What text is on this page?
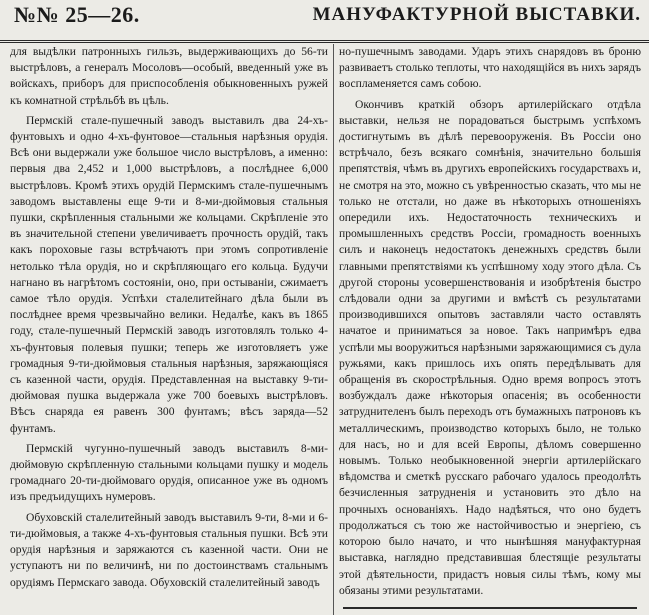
№№ 25—26.	МАНУФАКТУРНОЙ ВЫСТАВКИ.

для выдѣлки патронныхъ гильзъ, выдерживающихъ до 56-ти выстрѣловъ, а генералъ Мосоловъ—особый, введенный уже въ войскахъ, приборъ для приспособленія обыкновенныхъ ружей къ комнатной стрѣльбѣ въ цѣль.

Пермскій стале-пушечный заводъ выставилъ два 24-хъ-фунтовыхъ и одно 4-хъ-фунтовое—стальныя нарѣзныя орудія. Всѣ они выдержали уже большое число выстрѣловъ, а именно: первыя два 2,452 и 1,000 выстрѣловъ, а послѣднее 6,000 выстрѣловъ. Кромѣ этихъ орудій Пермскимъ стале-пушечнымъ заводомъ выставлены еще 9-ти и 8-ми-дюймовыя стальныя пушки, скрѣпленныя стальными же кольцами. Скрѣпленіе это въ значительной степени увеличиваетъ прочность орудій, такъ какъ пороховые газы встрѣчаютъ при этомъ сопротивленіе нетолько тѣла орудія, но и скрѣпляющаго его кольца. Будучи нагнано въ нагрѣтомъ состояніи, оно, при остываніи, сжимаетъ самое тѣло орудія. Успѣхи сталелитейнаго дѣла были въ послѣднее время чрезвычайно велики. Недалѣе, какъ въ 1865 году, стале-пушечный Пермскій заводъ изготовлялъ только 4-хъ-фунтовыя полевыя пушки; теперь же изготовляетъ уже громадныя 9-ти-дюймовыя стальныя нарѣзныя, заряжающіяся съ казенной части, орудія. Представленная на выставку 9-ти-дюймовая пушка выдержала уже 700 боевыхъ выстрѣловъ. Вѣсъ снаряда ея равенъ 300 фунтамъ; вѣсъ заряда—52 фунтамъ.

Пермскій чугунно-пушечный заводъ выставилъ 8-ми-дюймовую скрѣпленную стальными кольцами пушку и модель громаднаго 20-ти-дюймоваго орудія, описанное уже въ одномъ изъ предъидущихъ нумеровъ.

Обуховскій сталелитейный заводъ выставилъ 9-ти, 8-ми и 6-ти-дюймовыя, а также 4-хъ-фунтовыя стальныя пушки. Всѣ эти орудія нарѣзныя и заряжаются съ казенной части. Они не уступаютъ ни по величинѣ, ни по достоинствамъ стальнымъ орудіямъ Пермскаго завода. Обуховскій сталелитейный заводъ

но-пушечнымъ заводами. Ударъ этихъ снарядовъ въ броню развиваетъ столько теплоты, что находящійся въ нихъ зарядъ воспламеняется самъ собою.

Окончивъ краткій обзоръ артилерійскаго отдѣла выставки, нельзя не порадоваться быстрымъ успѣхомъ достигнутымъ въ дѣлѣ перевооруженія. Въ Россіи оно встрѣчало, безъ всякаго сомнѣнія, значительно большія препятствія, чѣмъ въ другихъ европейскихъ государствахъ и, не смотря на это, можно съ увѣренностью сказать, что мы не только не отстали, но даже въ нѣкоторыхъ отношеніяхъ опередили ихъ. Недостаточность техническихъ и промышленныхъ средствъ Россіи, громадность военныхъ силъ и наконецъ недостатокъ денежныхъ средствъ были главными препятствіями къ успѣшному ходу этого дѣла. Съ другой стороны усовершенствованія и изобрѣтенія быстро слѣдовали одни за другими и вмѣстѣ съ результатами производившихся опытовъ заставляли часто оставлять начатое и приниматься за новое. Такъ напримѣръ едва успѣли мы вооружиться нарѣзными заряжающимися съ дула ружьями, какъ пришлось ихъ опять передѣлывать для обращенія въ скорострѣльныя. Одно время вопросъ этотъ возбуждалъ даже нѣкоторыя опасенія; въ особенности затруднителенъ былъ переходъ отъ бумажныхъ патроновъ къ металлическимъ, производство которыхъ было, не только для насъ, но и для всей Европы, дѣломъ совершенно новымъ. Только необыкновенной энергіи артилерійскаго вѣдомства и сметкѣ русскаго рабочаго удалось преодолѣть безчисленныя затрудненія и установить это дѣло на прочныхъ основаніяхъ. Надо надѣяться, что оно будетъ продолжаться съ тою же настойчивостью и энергіею, съ которою было начато, и что нынѣшняя мануфактурная выставка, наглядно представившая блестящіе результаты этой дѣятельности, придастъ новыя силы тѣмъ, кому мы обязаны этими результатами.
